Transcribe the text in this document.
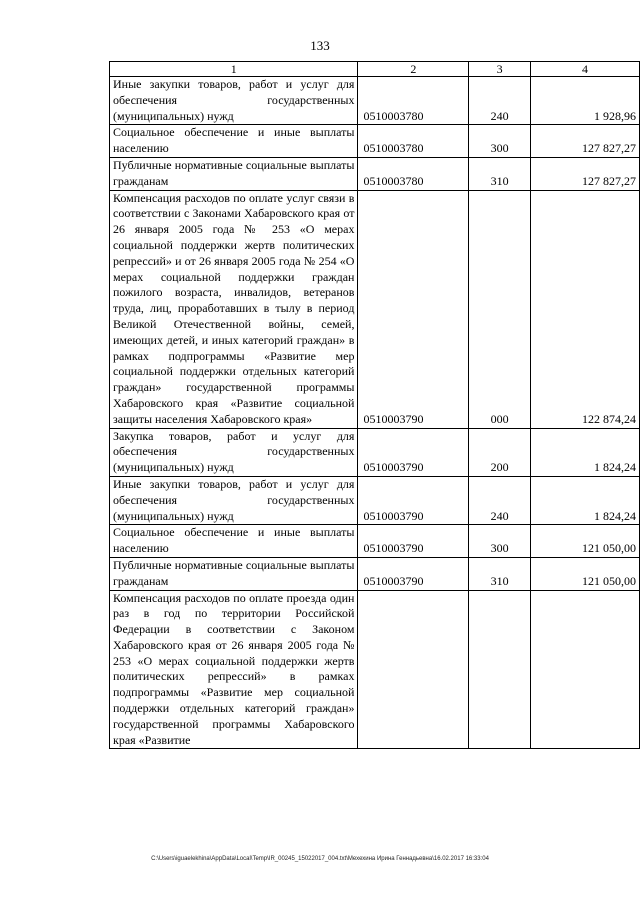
133
1	2	3	4
Иные закупки товаров, работ и услуг для обеспечения государственных (муниципальных) нужд	0510003780	240	1 928,96
Социальное обеспечение и иные выплаты населению	0510003780	300	127 827,27
Публичные нормативные социальные выплаты гражданам	0510003780	310	127 827,27
Компенсация расходов по оплате услуг связи в соответствии с Законами Хабаровского края от 26 января 2005 года № 253 «О мерах социальной поддержки жертв политических репрессий» и от 26 января 2005 года № 254 «О мерах социальной поддержки граждан пожилого возраста, инвалидов, ветеранов труда, лиц, проработавших в тылу в период Великой Отечественной войны, семей, имеющих детей, и иных категорий граждан» в рамках подпрограммы «Развитие мер социальной поддержки отдельных категорий граждан» государственной программы Хабаровского края «Развитие социальной защиты населения Хабаровского края»	0510003790	000	122 874,24
Закупка товаров, работ и услуг для обеспечения государственных (муниципальных) нужд	0510003790	200	1 824,24
Иные закупки товаров, работ и услуг для обеспечения государственных (муниципальных) нужд	0510003790	240	1 824,24
Социальное обеспечение и иные выплаты населению	0510003790	300	121 050,00
Публичные нормативные социальные выплаты гражданам	0510003790	310	121 050,00
Компенсация расходов по оплате проезда один раз в год по территории Российской Федерации в соответствии с Законом Хабаровского края от 26 января 2005 года № 253 «О мерах социальной поддержки жертв политических репрессий» в рамках подпрограммы «Развитие мер социальной поддержки отдельных категорий граждан» государственной программы Хабаровского края «Развитие			
C:\Users\iguaelekhina\AppData\Local\Temp\IR_00245_15022017_004.txt\Мехехина Ирина Геннадьевна\16.02.2017 16:33:04
